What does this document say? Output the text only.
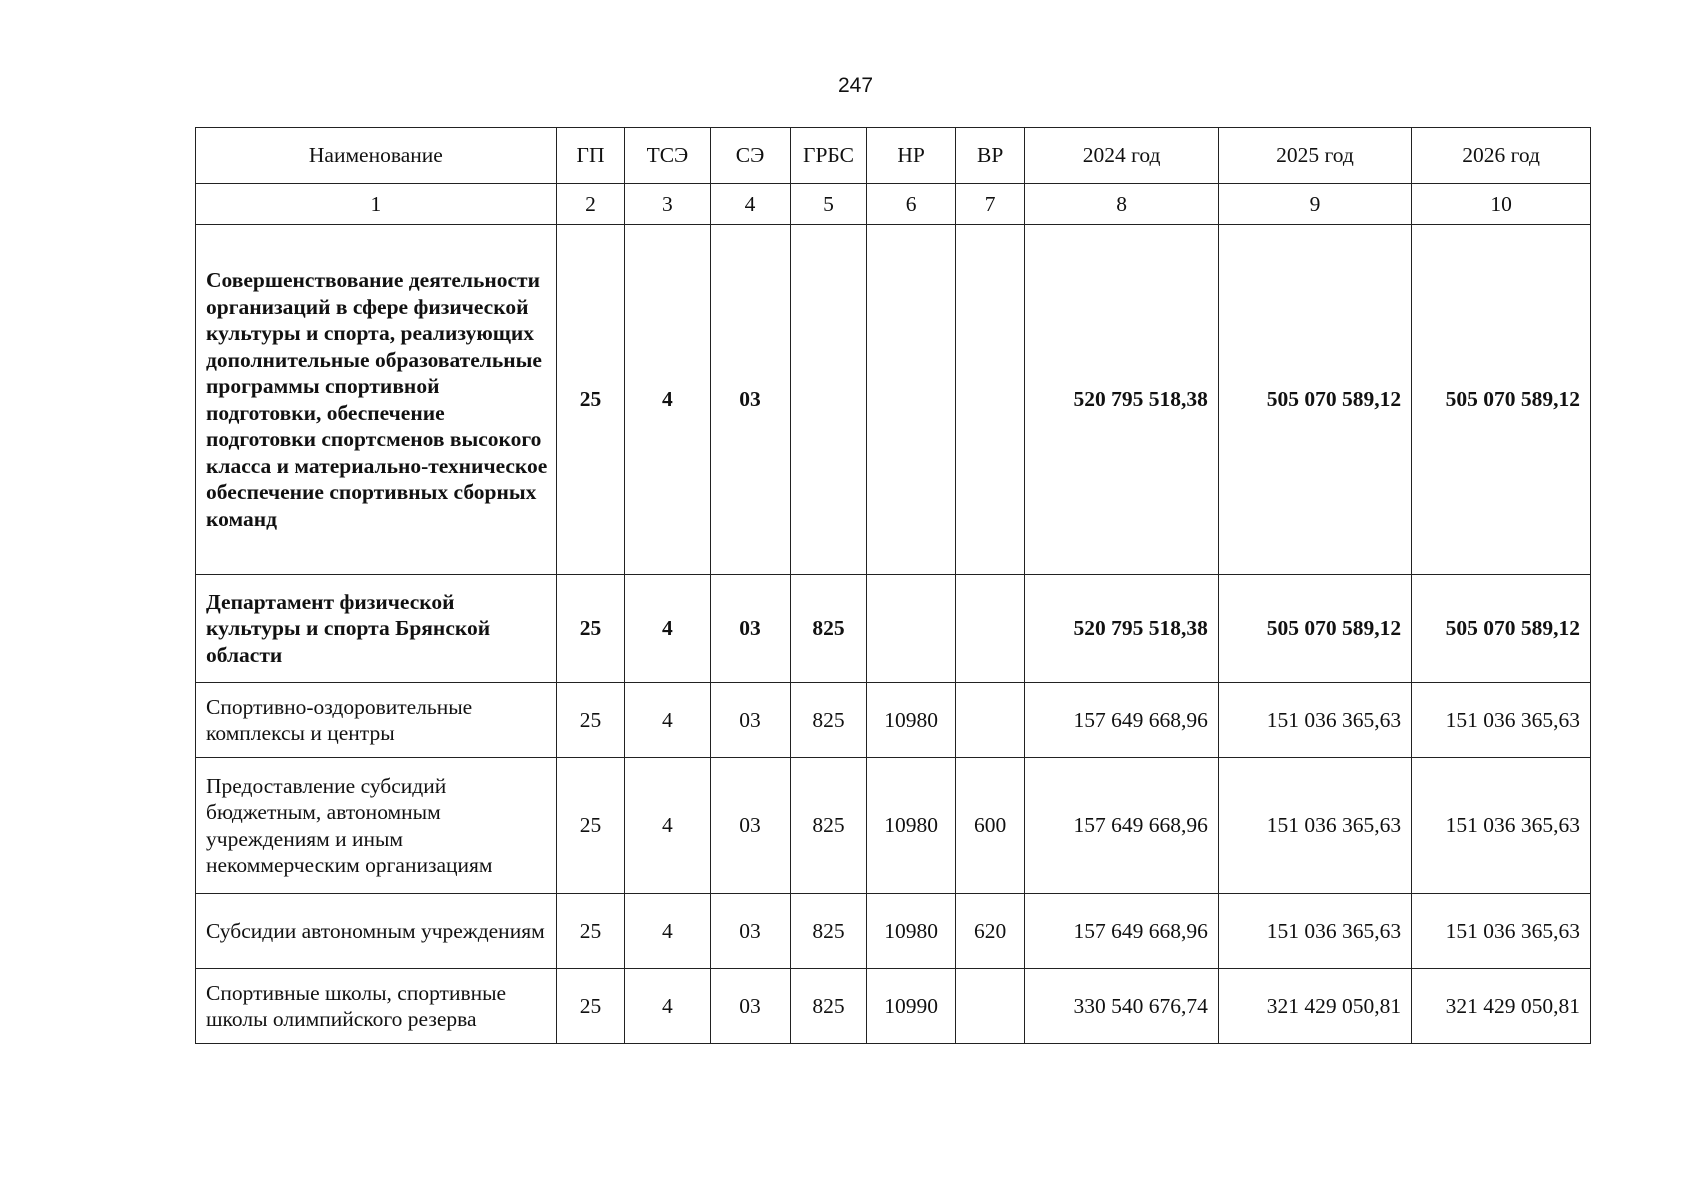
247
Наименование	ГП	ТСЭ	СЭ	ГРБС	НР	ВР	2024 год	2025 год	2026 год
1	2	3	4	5	6	7	8	9	10
Совершенствование деятельности организаций в сфере физической культуры и спорта, реализующих дополнительные образовательные программы спортивной подготовки, обеспечение подготовки спортсменов высокого класса и материально-техническое обеспечение спортивных сборных команд	25	4	03				520 795 518,38	505 070 589,12	505 070 589,12
Департамент физической культуры и спорта Брянской области	25	4	03	825			520 795 518,38	505 070 589,12	505 070 589,12
Спортивно-оздоровительные комплексы и центры	25	4	03	825	10980		157 649 668,96	151 036 365,63	151 036 365,63
Предоставление субсидий бюджетным, автономным учреждениям и иным некоммерческим организациям	25	4	03	825	10980	600	157 649 668,96	151 036 365,63	151 036 365,63
Субсидии автономным учреждениям	25	4	03	825	10980	620	157 649 668,96	151 036 365,63	151 036 365,63
Спортивные школы, спортивные школы олимпийского резерва	25	4	03	825	10990		330 540 676,74	321 429 050,81	321 429 050,81
